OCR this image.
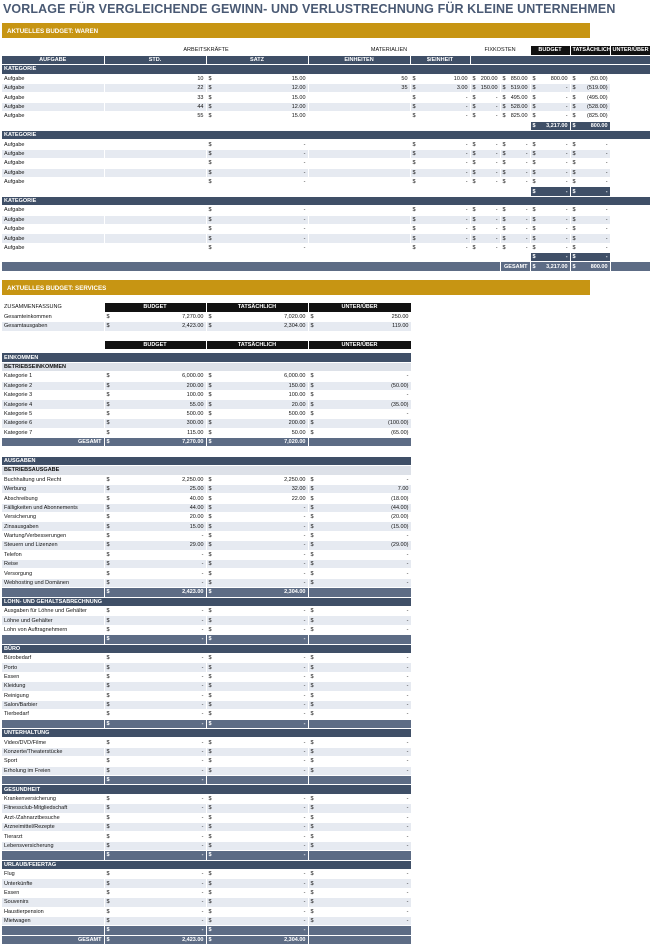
VORLAGE FÜR VERGLEICHENDE GEWINN- UND VERLUSTRECHNUNG FÜR KLEINE UNTERNEHMEN
AKTUELLES BUDGET: WAREN
	ARBEITSKRÄFTE		MATERIALIEN		FIXKOSTEN		BUDGET	TATSÄCHLICH	UNTER/ÜBER
AUFGABE	STD.	SATZ	EINHEITEN	$/EINHEIT					
KATEGORIE									
Aufgabe	10	$ 15.00	50	$ 10.00	$ 200.00	$ 850.00	$ 800.00	$ (50.00)	

Aufgabe	22	$ 12.00	35	$ 3.00	$ 150.00	$ 519.00	$ -	$ (519.00)	

Aufgabe	33	$ 15.00		$ -	$ -	$ 495.00	$ -	$ (495.00)	

Aufgabe	44	$ 12.00		$ -	$ -	$ 528.00	$ -	$ (528.00)	

Aufgabe	55	$ 15.00		$ -	$ -	$ 825.00	$ -	$ (825.00)	

							$ 3,217.00	$ 800.00	

KATEGORIE									
Aufgabe		$ -		$ -	$ -	$ -	$ -	$ -	

Aufgabe		$ -		$ -	$ -	$ -	$ -	$ -	

Aufgabe		$ -		$ -	$ -	$ -	$ -	$ -	

Aufgabe		$ -		$ -	$ -	$ -	$ -	$ -	

Aufgabe		$ -		$ -	$ -	$ -	$ -	$ -	

							$ -	$ -	

KATEGORIE									
Aufgabe		$ -		$ -	$ -	$ -	$ -	$ -	

Aufgabe		$ -		$ -	$ -	$ -	$ -	$ -	

Aufgabe		$ -		$ -	$ -	$ -	$ -	$ -	

Aufgabe		$ -		$ -	$ -	$ -	$ -	$ -	

Aufgabe		$ -		$ -	$ -	$ -	$ -	$ -	

							$ -	$ -	

						GESAMT	$ 3,217.00	$ 800.00	

AKTUELLES BUDGET: SERVICES
ZUSAMMENFASSUNG	BUDGET	TATSÄCHLICH	UNTER/ÜBER
Gesamteinkommen	$ 7,270.00	$ 7,020.00	$ 250.00

Gesamtausgaben	$ 2,423.00	$ 2,304.00	$ 119.00

	BUDGET	TATSÄCHLICH	UNTER/ÜBER

EINKOMMEN			
BETRIEBSEINKOMMEN			
Kategorie 1	$ 6,000.00	$ 6,000.00	$ -

Kategorie 2	$ 200.00	$ 150.00	$ (50.00)

Kategorie 3	$ 100.00	$ 100.00	$ -

Kategorie 4	$ 55.00	$ 20.00	$ (35.00)

Kategorie 5	$ 500.00	$ 500.00	$ -

Kategorie 6	$ 300.00	$ 200.00	$ (100.00)

Kategorie 7	$ 115.00	$ 50.00	$ (65.00)

GESAMT	$ 7,270.00	$ 7,020.00	

AUSGABEN			
BETRIEBSAUSGABE			
Buchhaltung und Recht	$ 2,250.00	$ 2,250.00	$ -

Werbung	$ 25.00	$ 32.00	$ 7.00

Abschreibung	$ 40.00	$ 22.00	$ (18.00)

Fälligkeiten und Abonnements	$ 44.00	$ -	$ (44.00)

Versicherung	$ 20.00	$ -	$ (20.00)

Zinsausgaben	$ 15.00	$ -	$ (15.00)

Wartung/Verbesserungen	$ -	$ -	$ -

Steuern und Lizenzen	$ 29.00	$ -	$ (29.00)

Telefon	$ -	$ -	$ -

Reise	$ -	$ -	$ -

Versorgung	$ -	$ -	$ -

Webhosting und Domänen	$ -	$ -	$ -

	$ 2,423.00	$ 2,304.00	

LOHN- UND GEHALTSABRECHNUNG			
Ausgaben für Löhne und Gehälter	$ -	$ -	$ -

Löhne und Gehälter	$ -	$ -	$ -

Lohn von Auftragnehmern	$ -	$ -	$ -

	$ -	$ -	

BÜRO			
Bürobedarf	$ -	$ -	$ -

Porto	$ -	$ -	$ -

Essen	$ -	$ -	$ -

Kleidung	$ -	$ -	$ -

Reinigung	$ -	$ -	$ -

Salon/Barbier	$ -	$ -	$ -

Tierbedarf	$ -	$ -	$ -

	$ -	$ -	

UNTERHALTUNG			
Video/DVD/Filme	$ -	$ -	$ -

Konzerte/Theaterstücke	$ -	$ -	$ -

Sport	$ -	$ -	$ -

Erholung im Freien	$ -	$ -	$ -

	$ -		

GESUNDHEIT			
Krankenversicherung	$ -	$ -	$ -

Fitnessclub-Mitgliedschaft	$ -	$ -	$ -

Arzt-/Zahnarztbesuche	$ -	$ -	$ -

Arzneimittel/Rezepte	$ -	$ -	$ -

Tierarzt	$ -	$ -	$ -

Lebensversicherung	$ -	$ -	$ -

	$ -	$ -	

URLAUB/FEIERTAG			
Flug	$ -	$ -	$ -

Unterkünfte	$ -	$ -	$ -

Essen	$ -	$ -	$ -

Souvenirs	$ -	$ -	$ -

Haustierpension	$ -	$ -	$ -

Mietwagen	$ -	$ -	$ -

	$ -	$ -	

GESAMT	$ 2,423.00	$ 2,304.00	
